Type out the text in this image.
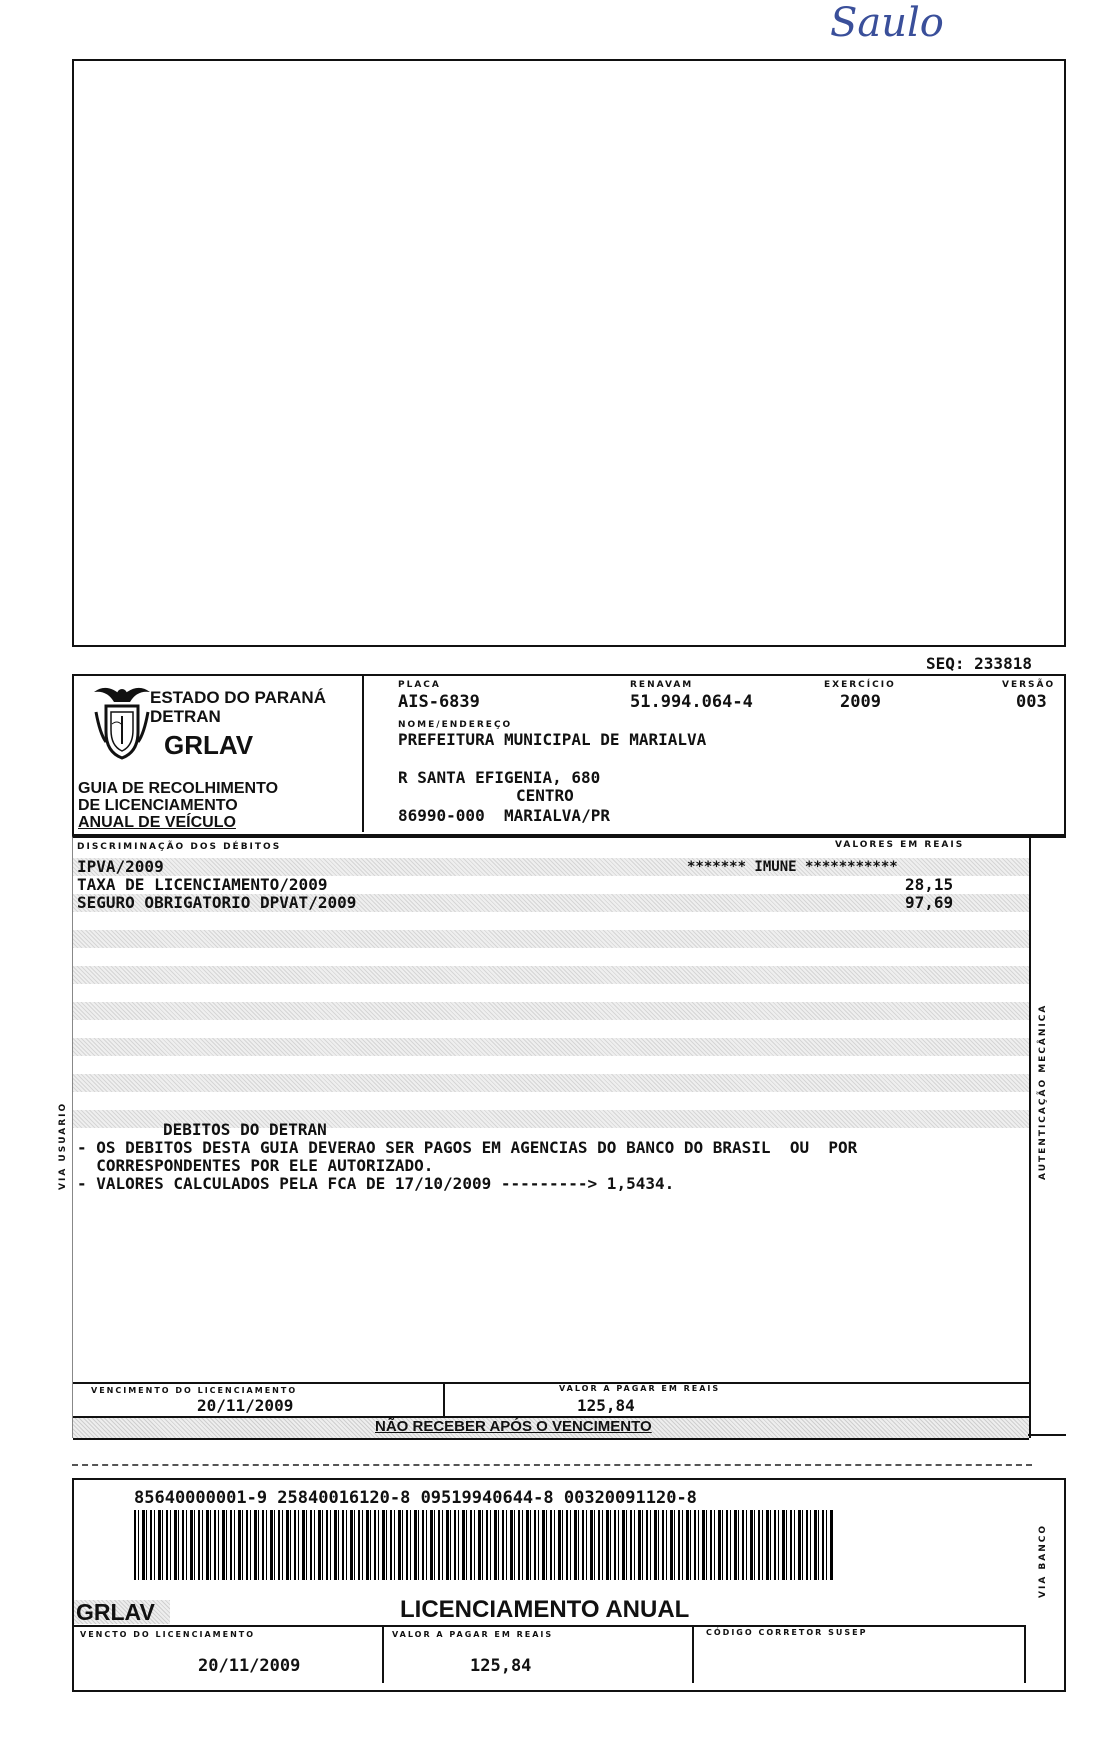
Saulo
SEQ: 233818
ESTADO DO PARANÁ
DETRAN
GRLAV
GUIA DE RECOLHIMENTO
DE LICENCIAMENTO
ANUAL DE VEÍCULO
PLACA
AIS-6839
RENAVAM
51.994.064-4
EXERCÍCIO
2009
VERSÃO
003
NOME/ENDEREÇO
PREFEITURA MUNICIPAL DE MARIALVA
R SANTA EFIGENIA, 680
CENTRO
86990-000 MARIALVA/PR
DISCRIMINAÇÃO DOS DÉBITOS	VALORES EM REAIS
IPVA/2009	******* IMUNE ***********
TAXA DE LICENCIAMENTO/2009	28,15
SEGURO OBRIGATORIO DPVAT/2009	97,69
DEBITOS DO DETRAN
- OS DEBITOS DESTA GUIA DEVERAO SER PAGOS EM AGENCIAS DO BANCO DO BRASIL  OU  POR
CORRESPONDENTES POR ELE AUTORIZADO.
- VALORES CALCULADOS PELA FCA DE 17/10/2009 ---------> 1,5434.
VENCIMENTO DO LICENCIAMENTO
20/11/2009
VALOR A PAGAR EM REAIS
125,84
NÃO RECEBER APÓS O VENCIMENTO
VIA USUARIO	AUTENTICAÇÃO MECÂNICA
85640000001-9 25840016120-8 09519940644-8 00320091120-8
GRLAV	LICENCIAMENTO ANUAL
VENCTO DO LICENCIAMENTO
20/11/2009
VALOR A PAGAR EM REAIS
125,84
CÓDIGO CORRETOR SUSEP
VIA BANCO
